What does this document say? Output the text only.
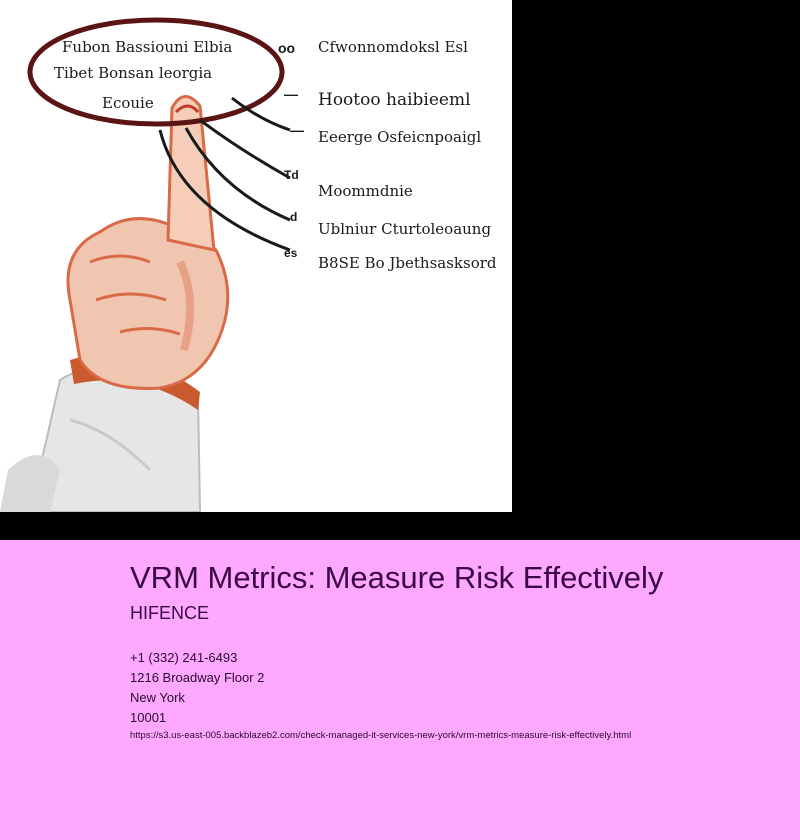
Fubon Bassiouni Elbia
Tibet Bonsan leorgia
Ecouie
oo
—
—
Td
d
es
Cfwonnomdoksl Esl
Hootoo haibieeml
Eeerge Osfeicnpoaigl
Moommdnie
Ublniur Cturtoleoaung
B8SE Bo Jbethsasksord
VRM Metrics: Measure Risk Effectively
HIFENCE
+1 (332) 241-6493
1216 Broadway Floor 2
New York
10001
https://s3.us-east-005.backblazeb2.com/check-managed-it-services-new-york/vrm-metrics-measure-risk-effectively.html
